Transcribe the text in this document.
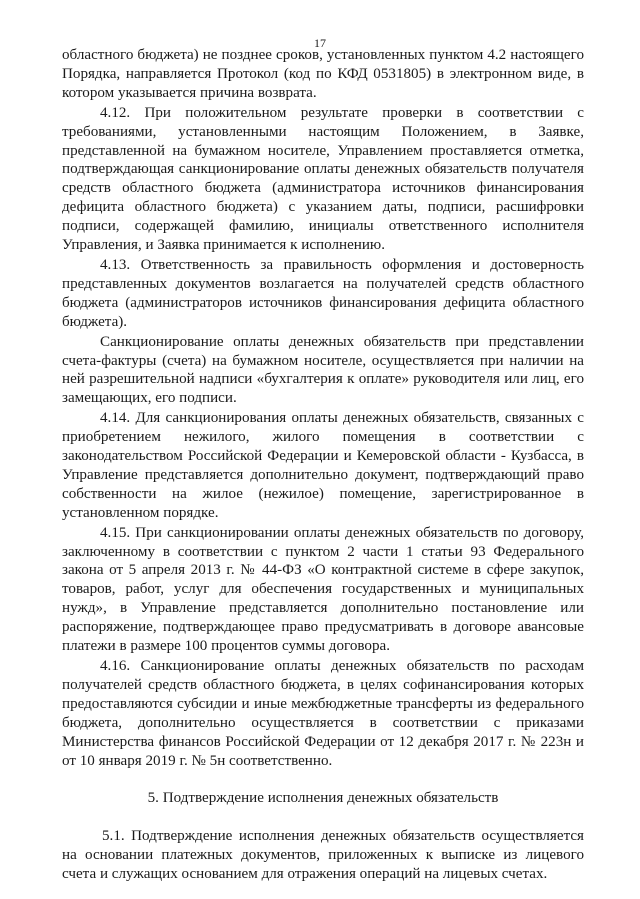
17

областного бюджета) не позднее сроков, установленных пунктом 4.2 настоящего Порядка, направляется Протокол (код по КФД 0531805) в электронном виде, в котором указывается причина возврата.

4.12. При положительном результате проверки в соответствии с требованиями, установленными настоящим Положением, в Заявке, представленной на бумажном носителе, Управлением проставляется отметка, подтверждающая санкционирование оплаты денежных обязательств получателя средств областного бюджета (администратора источников финансирования дефицита областного бюджета) с указанием даты, подписи, расшифровки подписи, содержащей фамилию, инициалы ответственного исполнителя Управления, и Заявка принимается к исполнению.

4.13. Ответственность за правильность оформления и достоверность представленных документов возлагается на получателей средств областного бюджета (администраторов источников финансирования дефицита областного бюджета).

Санкционирование оплаты денежных обязательств при представлении счета-фактуры (счета) на бумажном носителе, осуществляется при наличии на ней разрешительной надписи «бухгалтерия к оплате» руководителя или лиц, его замещающих, его подписи.

4.14. Для санкционирования оплаты денежных обязательств, связанных с приобретением нежилого, жилого помещения в соответствии с законодательством Российской Федерации и Кемеровской области - Кузбасса, в Управление представляется дополнительно документ, подтверждающий право собственности на жилое (нежилое) помещение, зарегистрированное в установленном порядке.

4.15. При санкционировании оплаты денежных обязательств по договору, заключенному в соответствии с пунктом 2 части 1 статьи 93 Федерального закона от 5 апреля 2013 г. № 44-ФЗ «О контрактной системе в сфере закупок, товаров, работ, услуг для обеспечения государственных и муниципальных нужд», в Управление представляется дополнительно постановление или распоряжение, подтверждающее право предусматривать в договоре авансовые платежи в размере 100 процентов суммы договора.

4.16. Санкционирование оплаты денежных обязательств по расходам получателей средств областного бюджета, в целях софинансирования которых предоставляются субсидии и иные межбюджетные трансферты из федерального бюджета, дополнительно осуществляется в соответствии с приказами Министерства финансов Российской Федерации от 12 декабря 2017 г. № 223н и от 10 января 2019 г. № 5н соответственно.

5. Подтверждение исполнения денежных обязательств

5.1. Подтверждение исполнения денежных обязательств осуществляется на основании платежных документов, приложенных к выписке из лицевого счета и служащих основанием для отражения операций на лицевых счетах.
